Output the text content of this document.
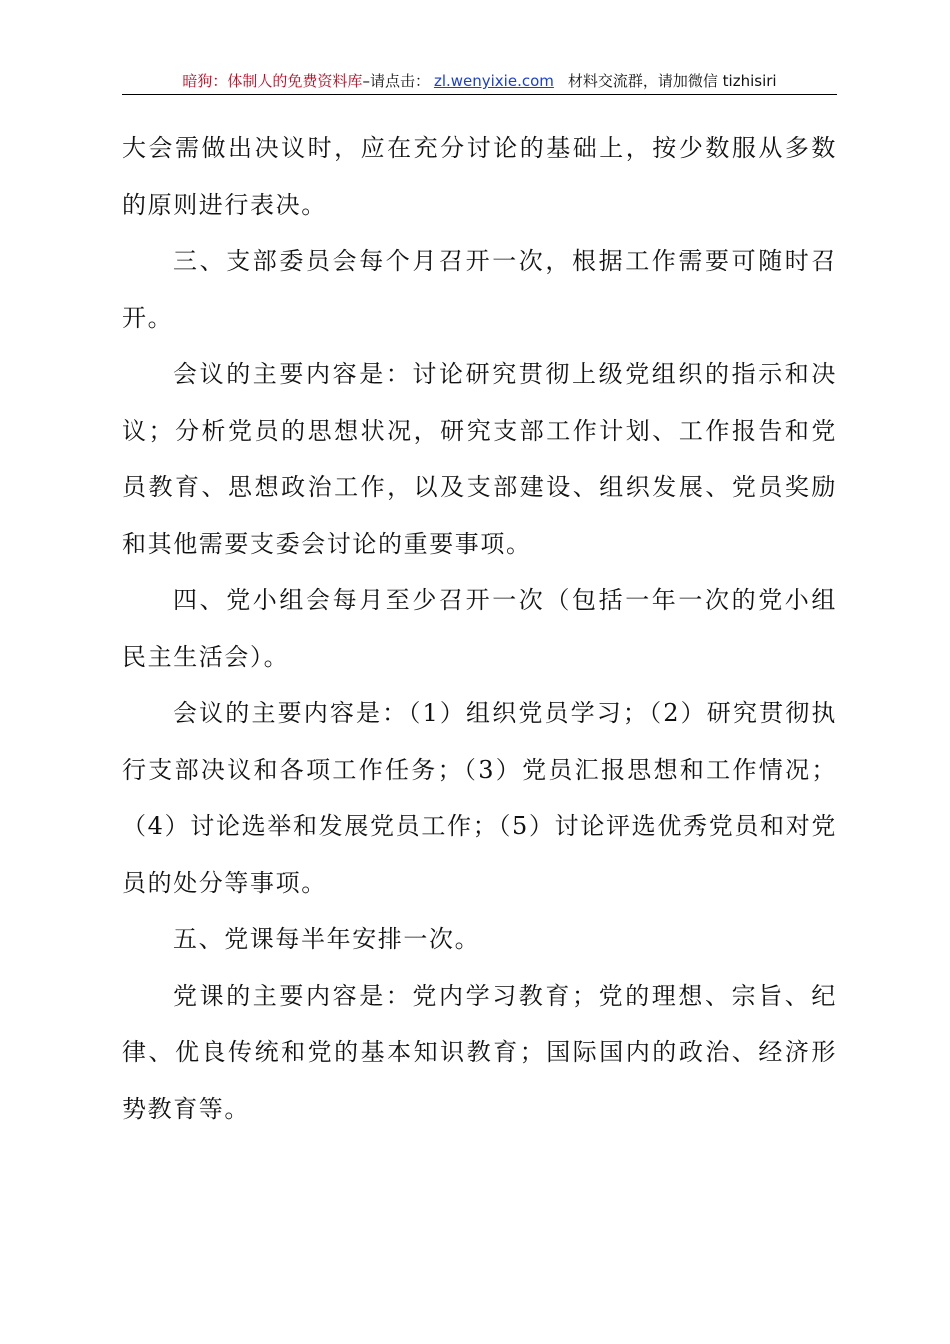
暗狗：体制人的免费资料库–请点击： zl.wenyixie.com 材料交流群，请加微信 tizhisiri

大会需做出决议时，应在充分讨论的基础上，按少数服从多数的原则进行表决。

三、支部委员会每个月召开一次，根据工作需要可随时召开。

会议的主要内容是：讨论研究贯彻上级党组织的指示和决议；分析党员的思想状况，研究支部工作计划、工作报告和党员教育、思想政治工作，以及支部建设、组织发展、党员奖励和其他需要支委会讨论的重要事项。

四、党小组会每月至少召开一次（包括一年一次的党小组民主生活会）。

会议的主要内容是：（1）组织党员学习；（2）研究贯彻执行支部决议和各项工作任务；（3）党员汇报思想和工作情况；（4）讨论选举和发展党员工作；（5）讨论评选优秀党员和对党员的处分等事项。

五、党课每半年安排一次。

党课的主要内容是：党内学习教育；党的理想、宗旨、纪律、优良传统和党的基本知识教育；国际国内的政治、经济形势教育等。
